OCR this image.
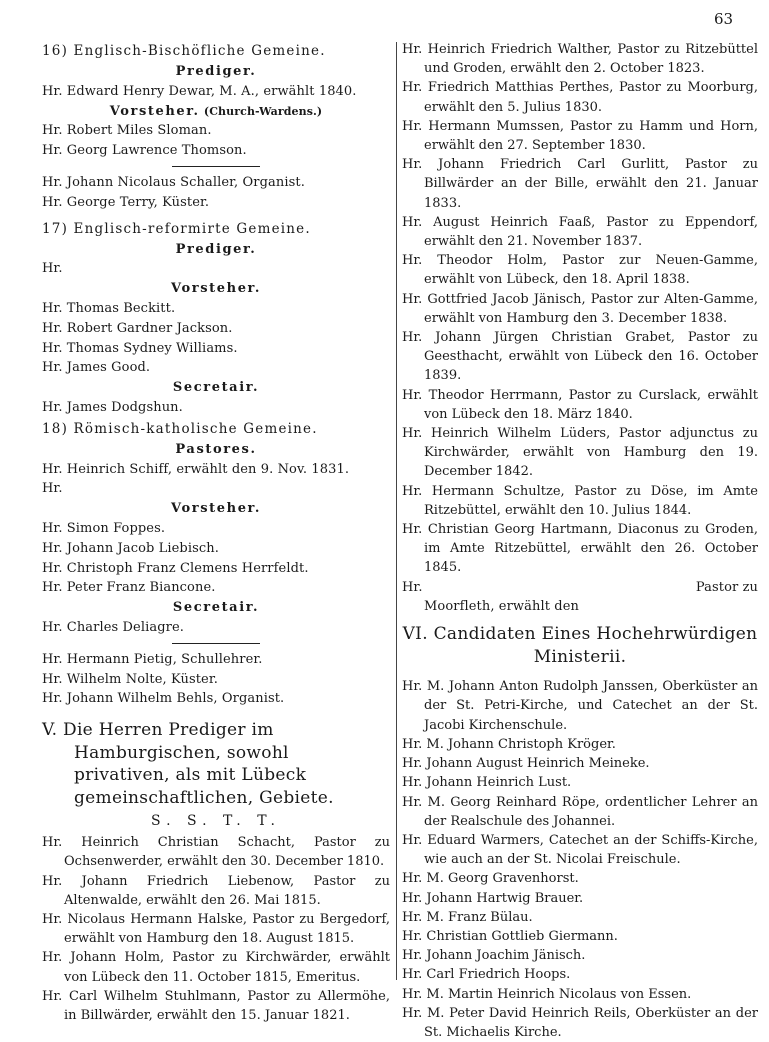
63
16) Englisch-Bischöfliche Gemeine.
Prediger.
Hr. Edward Henry Dewar, M. A., erwählt 1840.
Vorsteher. (Church-Wardens.)
Hr. Robert Miles Sloman.
Hr. Georg Lawrence Thomson.
Hr. Johann Nicolaus Schaller, Organist.
Hr. George Terry, Küster.
17) Englisch-reformirte Gemeine.
Prediger.
Hr.
Vorsteher.
Hr. Thomas Beckitt.
Hr. Robert Gardner Jackson.
Hr. Thomas Sydney Williams.
Hr. James Good.
Secretair.
Hr. James Dodgshun.
18) Römisch-katholische Gemeine.
Pastores.
Hr. Heinrich Schiff, erwählt den 9. Nov. 1831.
Hr.
Vorsteher.
Hr. Simon Foppes.
Hr. Johann Jacob Liebisch.
Hr. Christoph Franz Clemens Herrfeldt.
Hr. Peter Franz Biancone.
Secretair.
Hr. Charles Deliagre.
Hr. Hermann Pietig, Schullehrer.
Hr. Wilhelm Nolte, Küster.
Hr. Johann Wilhelm Behls, Organist.
V. Die Herren Prediger im Hamburgischen, sowohl privativen, als mit Lübeck gemeinschaftlichen, Gebiete.
S. S. T. T.

Hr. Heinrich Christian Schacht, Pastor zu Ochsenwerder, erwählt den 30. December 1810.

Hr. Johann Friedrich Liebenow, Pastor zu Altenwalde, erwählt den 26. Mai 1815.

Hr. Nicolaus Hermann Halske, Pastor zu Bergedorf, erwählt von Hamburg den 18. August 1815.

Hr. Johann Holm, Pastor zu Kirchwärder, erwählt von Lübeck den 11. October 1815, Emeritus.

Hr. Carl Wilhelm Stuhlmann, Pastor zu Allermöhe, in Billwärder, erwählt den 15. Januar 1821.

Hr. Heinrich Friedrich Walther, Pastor zu Ritzebüttel und Groden, erwählt den 2. October 1823.

Hr. Friedrich Matthias Perthes, Pastor zu Moorburg, erwählt den 5. Julius 1830.

Hr. Hermann Mumssen, Pastor zu Hamm und Horn, erwählt den 27. September 1830.

Hr. Johann Friedrich Carl Gurlitt, Pastor zu Billwärder an der Bille, erwählt den 21. Januar 1833.

Hr. August Heinrich Faaß, Pastor zu Eppendorf, erwählt den 21. November 1837.

Hr. Theodor Holm, Pastor zur Neuen-Gamme, erwählt von Lübeck, den 18. April 1838.

Hr. Gottfried Jacob Jänisch, Pastor zur Alten-Gamme, erwählt von Hamburg den 3. December 1838.

Hr. Johann Jürgen Christian Grabet, Pastor zu Geesthacht, erwählt von Lübeck den 16. October 1839.

Hr. Theodor Herrmann, Pastor zu Curslack, erwählt von Lübeck den 18. März 1840.

Hr. Heinrich Wilhelm Lüders, Pastor adjunctus zu Kirchwärder, erwählt von Hamburg den 19. December 1842.

Hr. Hermann Schultze, Pastor zu Döse, im Amte Ritzebüttel, erwählt den 10. Julius 1844.

Hr. Christian Georg Hartmann, Diaconus zu Groden, im Amte Ritzebüttel, erwählt den 26. October 1845.

Hr.	Pastor zu
Moorfleth, erwählt den
VI. Candidaten Eines Hochehrwürdigen Ministerii.

Hr. M. Johann Anton Rudolph Janssen, Oberküster an der St. Petri-Kirche, und Catechet an der St. Jacobi Kirchenschule.

Hr. M. Johann Christoph Kröger.

Hr. Johann August Heinrich Meineke.

Hr. Johann Heinrich Lust.

Hr. M. Georg Reinhard Röpe, ordentlicher Lehrer an der Realschule des Johannei.

Hr. Eduard Warmers, Catechet an der Schiffs-Kirche, wie auch an der St. Nicolai Freischule.

Hr. M. Georg Gravenhorst.

Hr. Johann Hartwig Brauer.

Hr. M. Franz Bülau.

Hr. Christian Gottlieb Giermann.

Hr. Johann Joachim Jänisch.

Hr. Carl Friedrich Hoops.

Hr. M. Martin Heinrich Nicolaus von Essen.

Hr. M. Peter David Heinrich Reils, Oberküster an der St. Michaelis Kirche.
